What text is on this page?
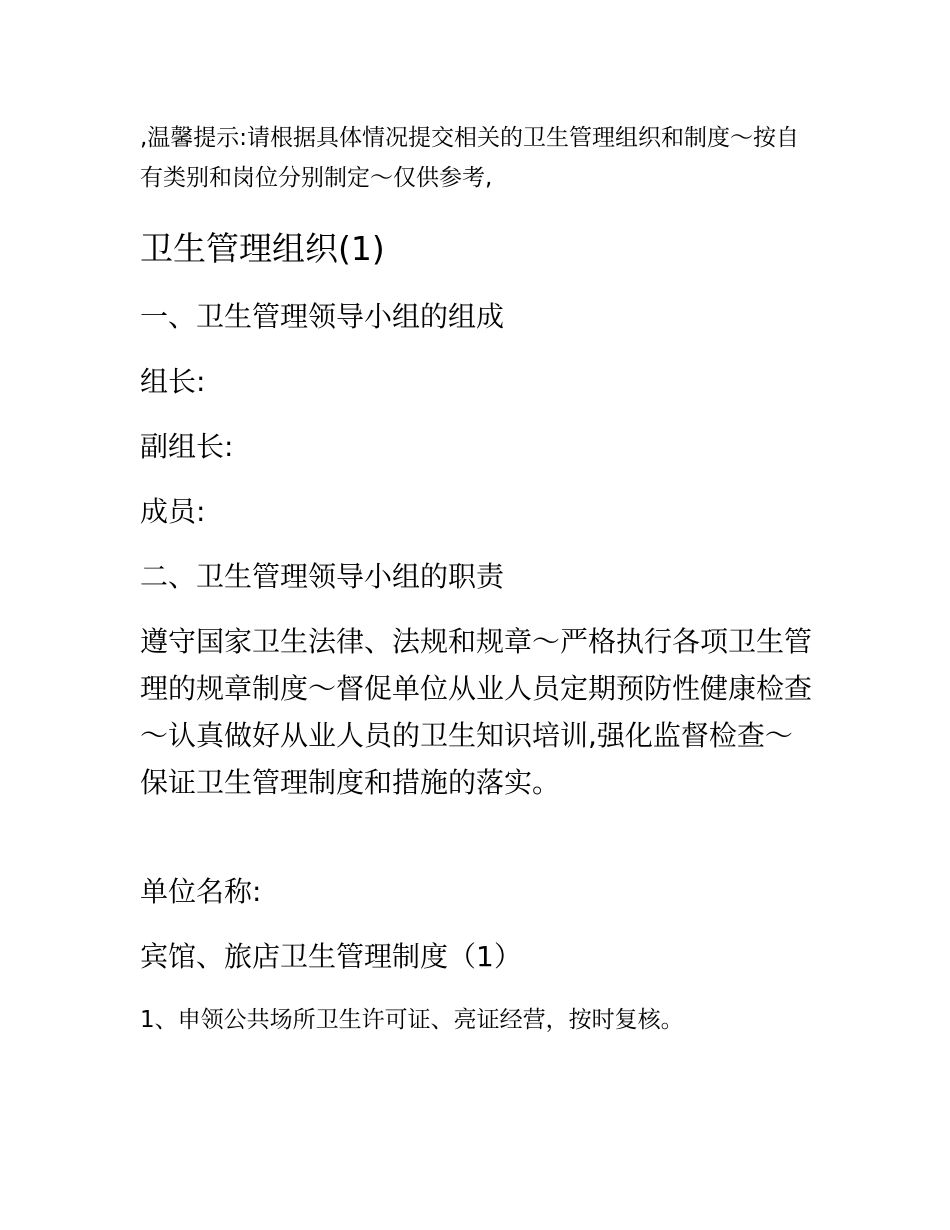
,温馨提示:请根据具体情况提交相关的卫生管理组织和制度～按自有类别和岗位分别制定～仅供参考,

卫生管理组织(1)
一、卫生管理领导小组的组成
组长:
副组长:
成员:
二、卫生管理领导小组的职责

遵守国家卫生法律、法规和规章～严格执行各项卫生管理的规章制度～督促单位从业人员定期预防性健康检查～认真做好从业人员的卫生知识培训,强化监督检查～保证卫生管理制度和措施的落实。

单位名称:
宾馆、旅店卫生管理制度（1）
1、申领公共场所卫生许可证、亮证经营，按时复核。
